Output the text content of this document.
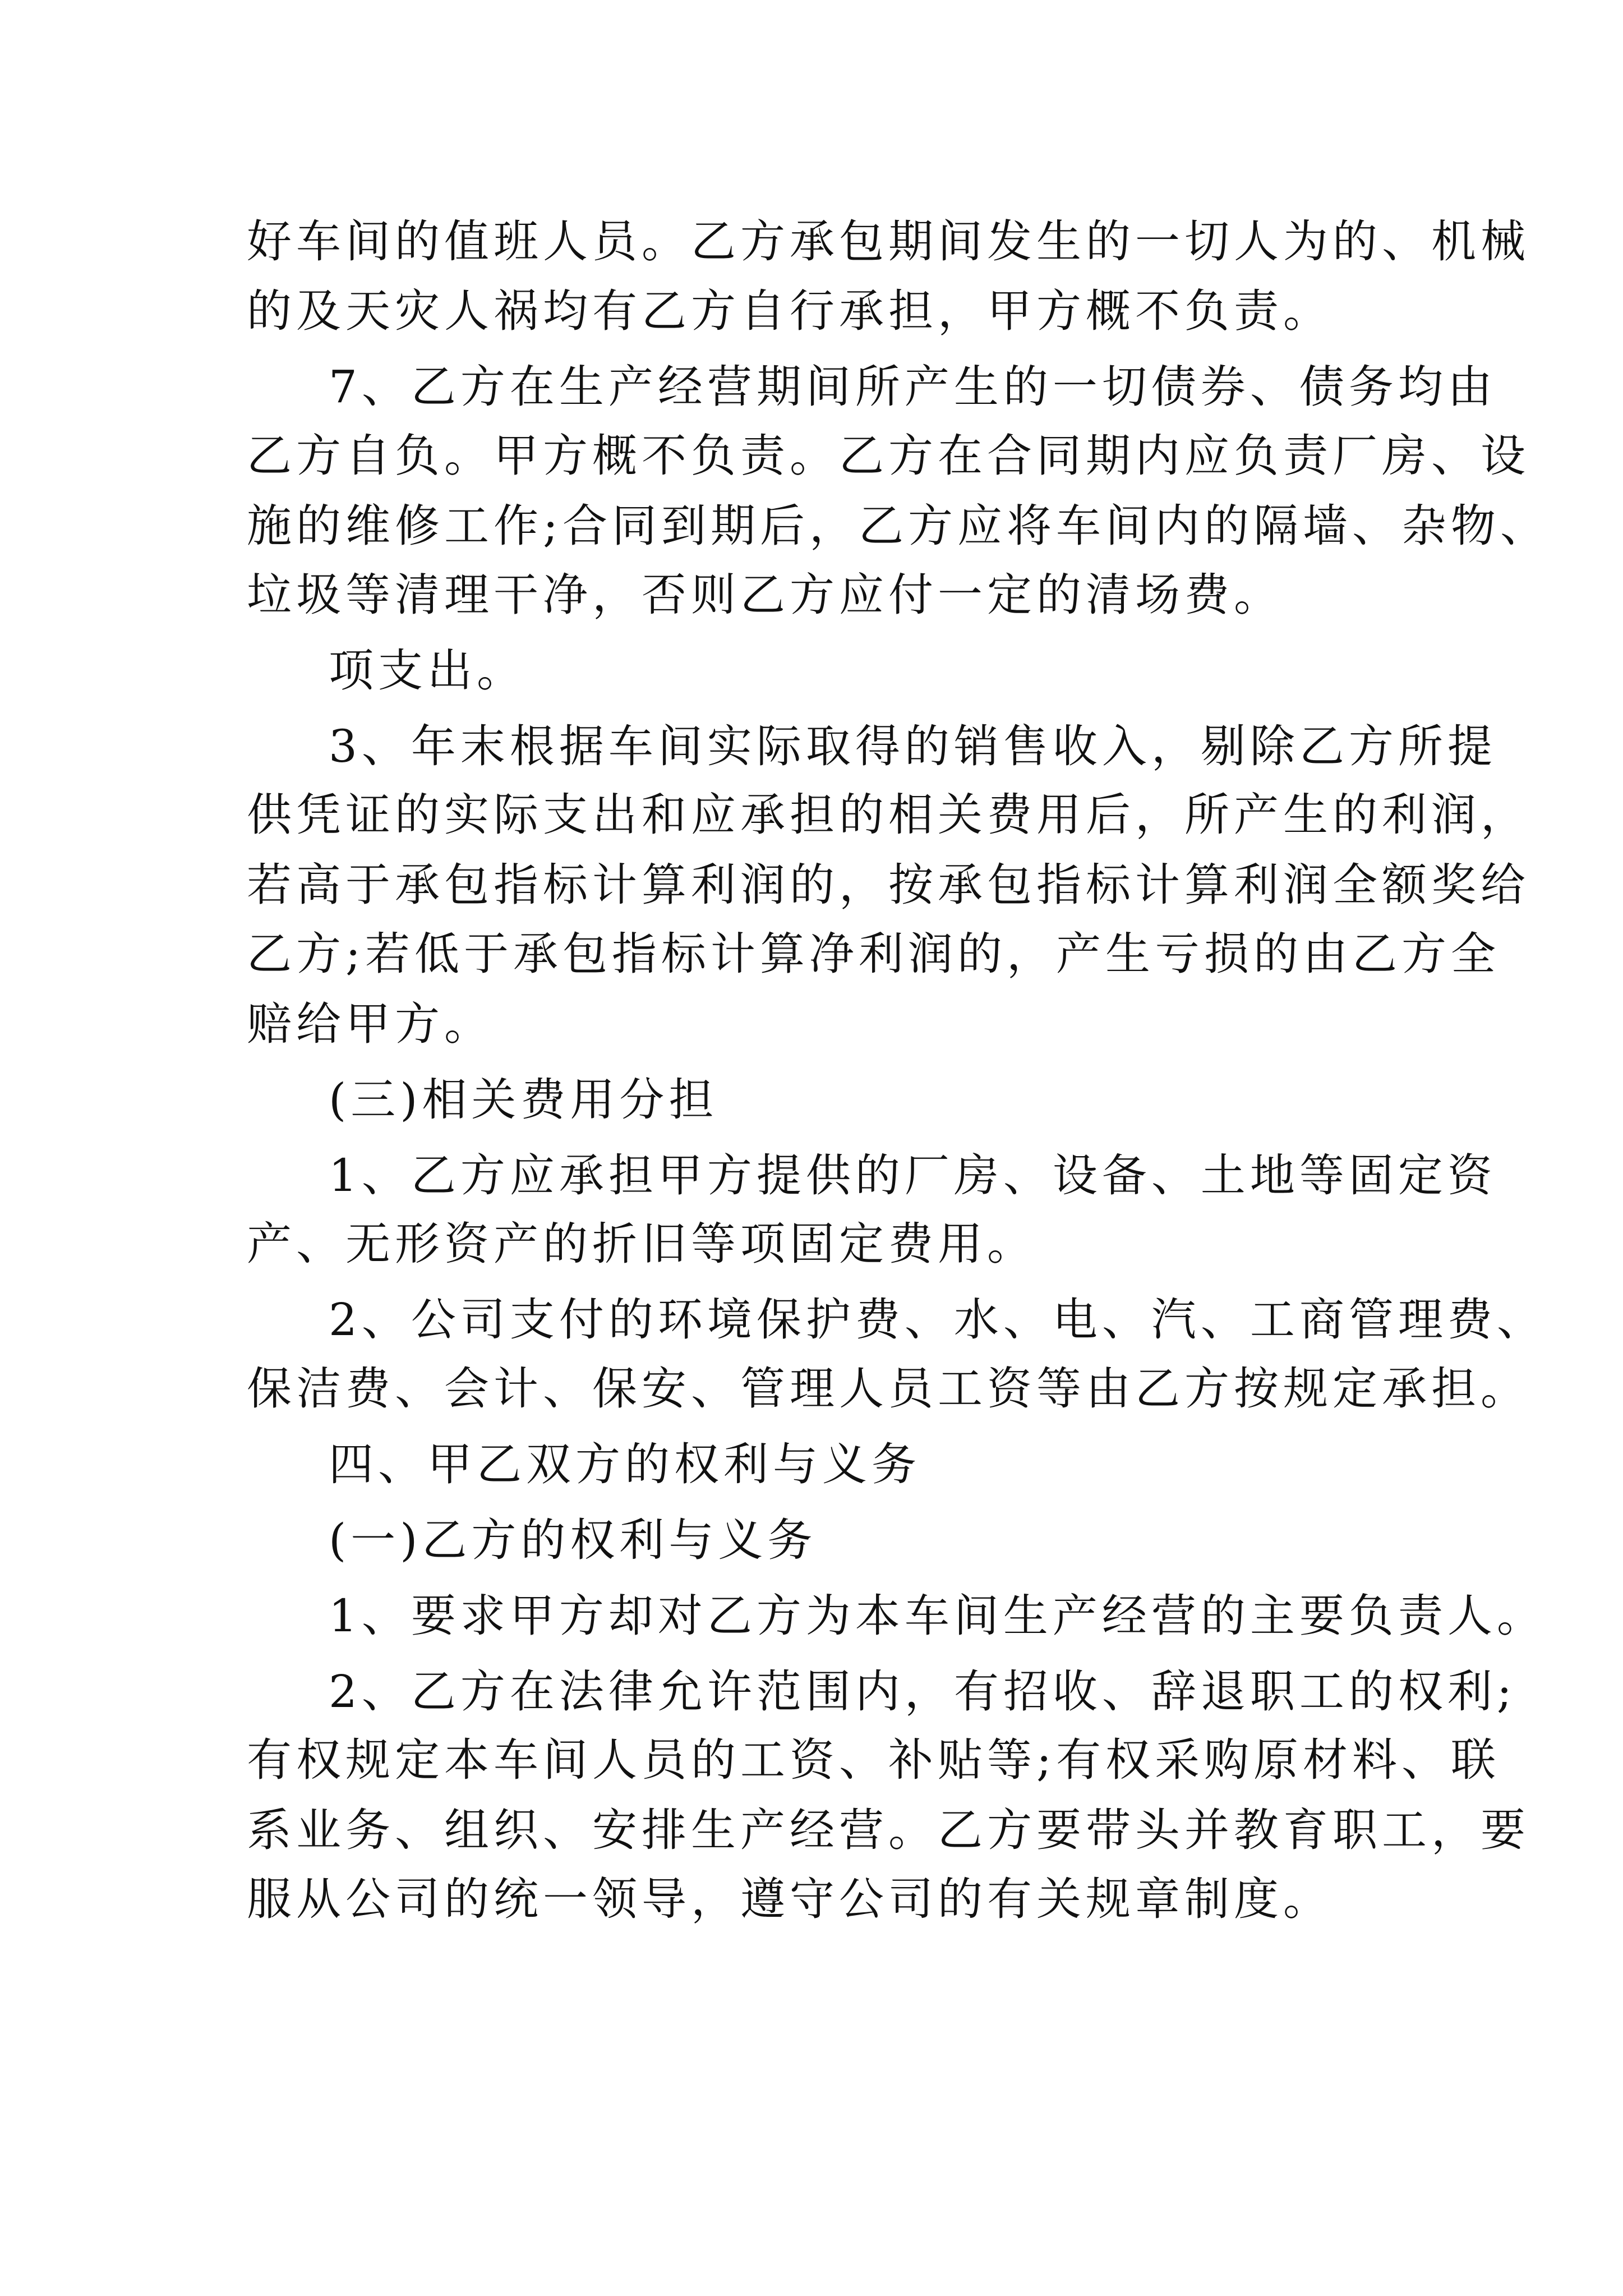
好车间的值班人员。乙方承包期间发生的一切人为的、机械

的及天灾人祸均有乙方自行承担，甲方概不负责。

7、乙方在生产经营期间所产生的一切债券、债务均由

乙方自负。甲方概不负责。乙方在合同期内应负责厂房、设

施的维修工作;合同到期后，乙方应将车间内的隔墙、杂物、

垃圾等清理干净，否则乙方应付一定的清场费。

项支出。

3、年末根据车间实际取得的销售收入，剔除乙方所提

供凭证的实际支出和应承担的相关费用后，所产生的利润，

若高于承包指标计算利润的，按承包指标计算利润全额奖给

乙方;若低于承包指标计算净利润的，产生亏损的由乙方全

赔给甲方。

(三)相关费用分担

1、乙方应承担甲方提供的厂房、设备、土地等固定资

产、无形资产的折旧等项固定费用。

2、公司支付的环境保护费、水、电、汽、工商管理费、

保洁费、会计、保安、管理人员工资等由乙方按规定承担。

四、甲乙双方的权利与义务

(一)乙方的权利与义务

1、要求甲方却对乙方为本车间生产经营的主要负责人。

2、乙方在法律允许范围内，有招收、辞退职工的权利;

有权规定本车间人员的工资、补贴等;有权采购原材料、联

系业务、组织、安排生产经营。乙方要带头并教育职工，要

服从公司的统一领导，遵守公司的有关规章制度。
